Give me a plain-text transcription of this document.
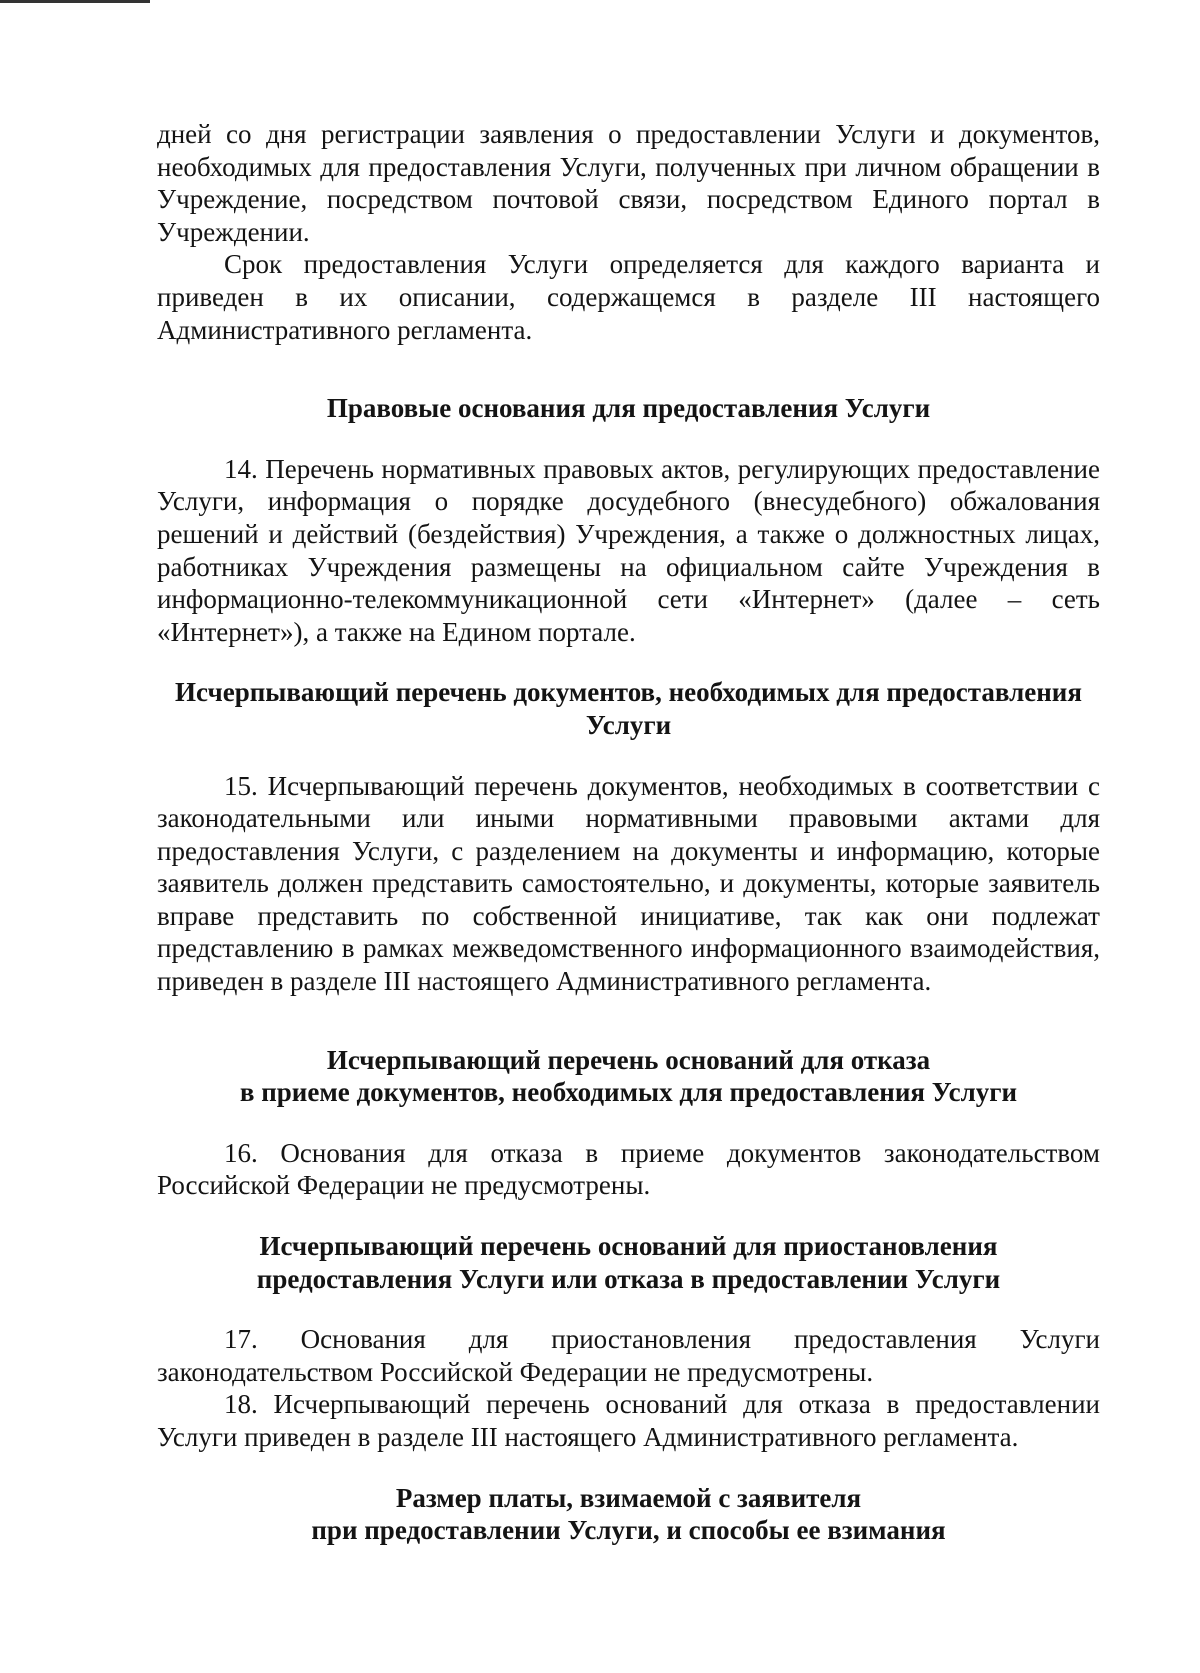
дней со дня регистрации заявления о предоставлении Услуги и документов, необходимых для предоставления Услуги, полученных при личном обращении в Учреждение, посредством почтовой связи, посредством Единого портал в Учреждении.

Срок предоставления Услуги определяется для каждого варианта и приведен в их описании, содержащемся в разделе III настоящего Административного регламента.

Правовые основания для предоставления Услуги

14. Перечень нормативных правовых актов, регулирующих предоставление Услуги, информация о порядке досудебного (внесудебного) обжалования решений и действий (бездействия) Учреждения, а также о должностных лицах, работниках Учреждения размещены на официальном сайте Учреждения в информационно-телекоммуникационной сети «Интернет» (далее – сеть «Интернет»), а также на Едином портале.

Исчерпывающий перечень документов, необходимых для предоставления
Услуги

15. Исчерпывающий перечень документов, необходимых в соответствии с законодательными или иными нормативными правовыми актами для предоставления Услуги, с разделением на документы и информацию, которые заявитель должен представить самостоятельно, и документы, которые заявитель вправе представить по собственной инициативе, так как они подлежат представлению в рамках межведомственного информационного взаимодействия, приведен в разделе III настоящего Административного регламента.

Исчерпывающий перечень оснований для отказа
в приеме документов, необходимых для предоставления Услуги

16. Основания для отказа в приеме документов законодательством Российской Федерации не предусмотрены.

Исчерпывающий перечень оснований для приостановления
предоставления Услуги или отказа в предоставлении Услуги

17. Основания для приостановления предоставления Услуги законодательством Российской Федерации не предусмотрены.

18. Исчерпывающий перечень оснований для отказа в предоставлении Услуги приведен в разделе III настоящего Административного регламента.

Размер платы, взимаемой с заявителя
при предоставлении Услуги, и способы ее взимания
